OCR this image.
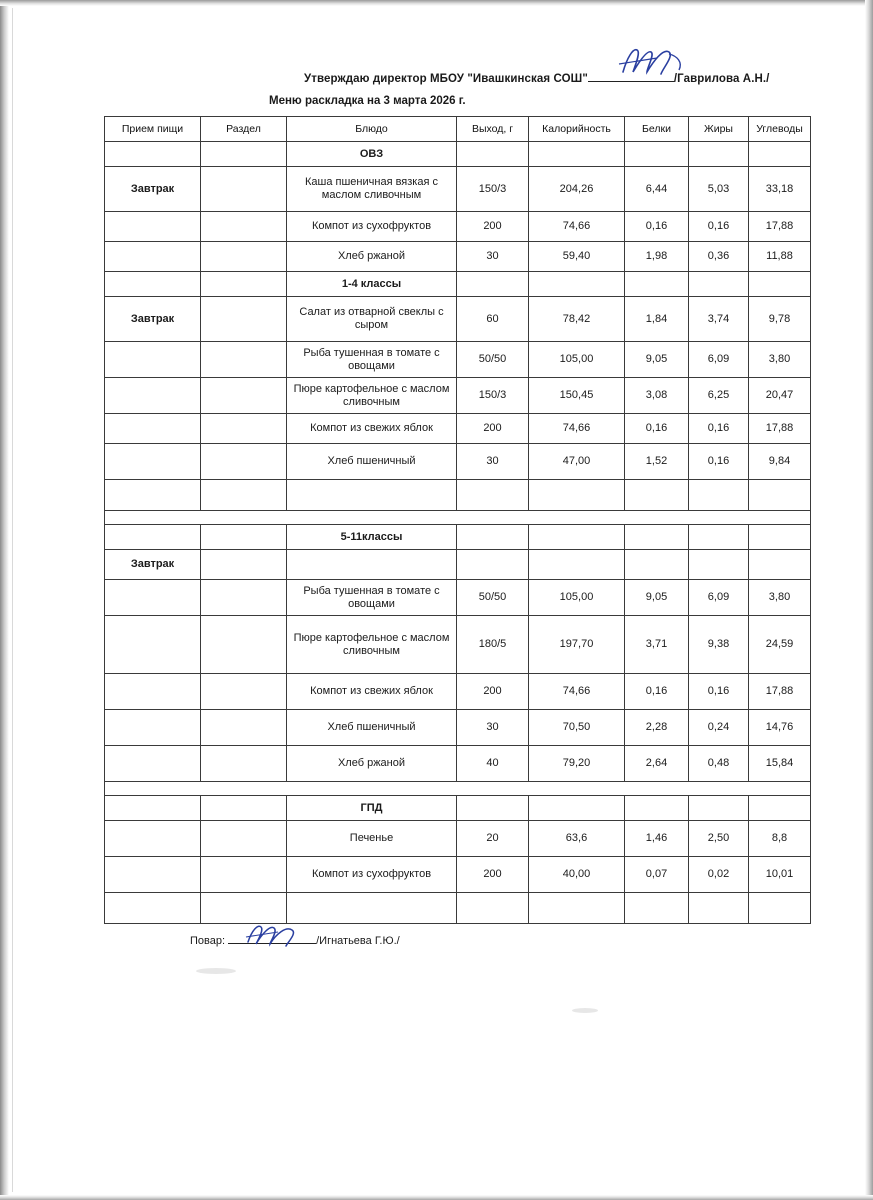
Утверждаю директор МБОУ "Ивашкинская СОШ"	/Гаврилова А.Н./
Меню раскладка на 3 марта 2026 г.
Прием пищи	Раздел	Блюдо	Выход, г	Калорийность	Белки	Жиры	Углеводы
		ОВЗ					
Завтрак		Каша пшеничная вязкая с маслом сливочным	150/3	204,26	6,44	5,03	33,18
		Компот из сухофруктов	200	74,66	0,16	0,16	17,88
		Хлеб ржаной	30	59,40	1,98	0,36	11,88
		1-4 классы					
Завтрак		Салат из отварной свеклы с сыром	60	78,42	1,84	3,74	9,78
		Рыба тушенная в томате с овощами	50/50	105,00	9,05	6,09	3,80
		Пюре картофельное с маслом сливочным	150/3	150,45	3,08	6,25	20,47
		Компот из свежих яблок	200	74,66	0,16	0,16	17,88
		Хлеб пшеничный	30	47,00	1,52	0,16	9,84

		5-11классы					
Завтрак							
		Рыба тушенная в томате с овощами	50/50	105,00	9,05	6,09	3,80
		Пюре картофельное с маслом сливочным	180/5	197,70	3,71	9,38	24,59
		Компот из свежих яблок	200	74,66	0,16	0,16	17,88
		Хлеб пшеничный	30	70,50	2,28	0,24	14,76
		Хлеб ржаной	40	79,20	2,64	0,48	15,84

		ГПД					
		Печенье	20	63,6	1,46	2,50	8,8
		Компот из сухофруктов	200	40,00	0,07	0,02	10,01

Повар:	/Игнатьева Г.Ю./
